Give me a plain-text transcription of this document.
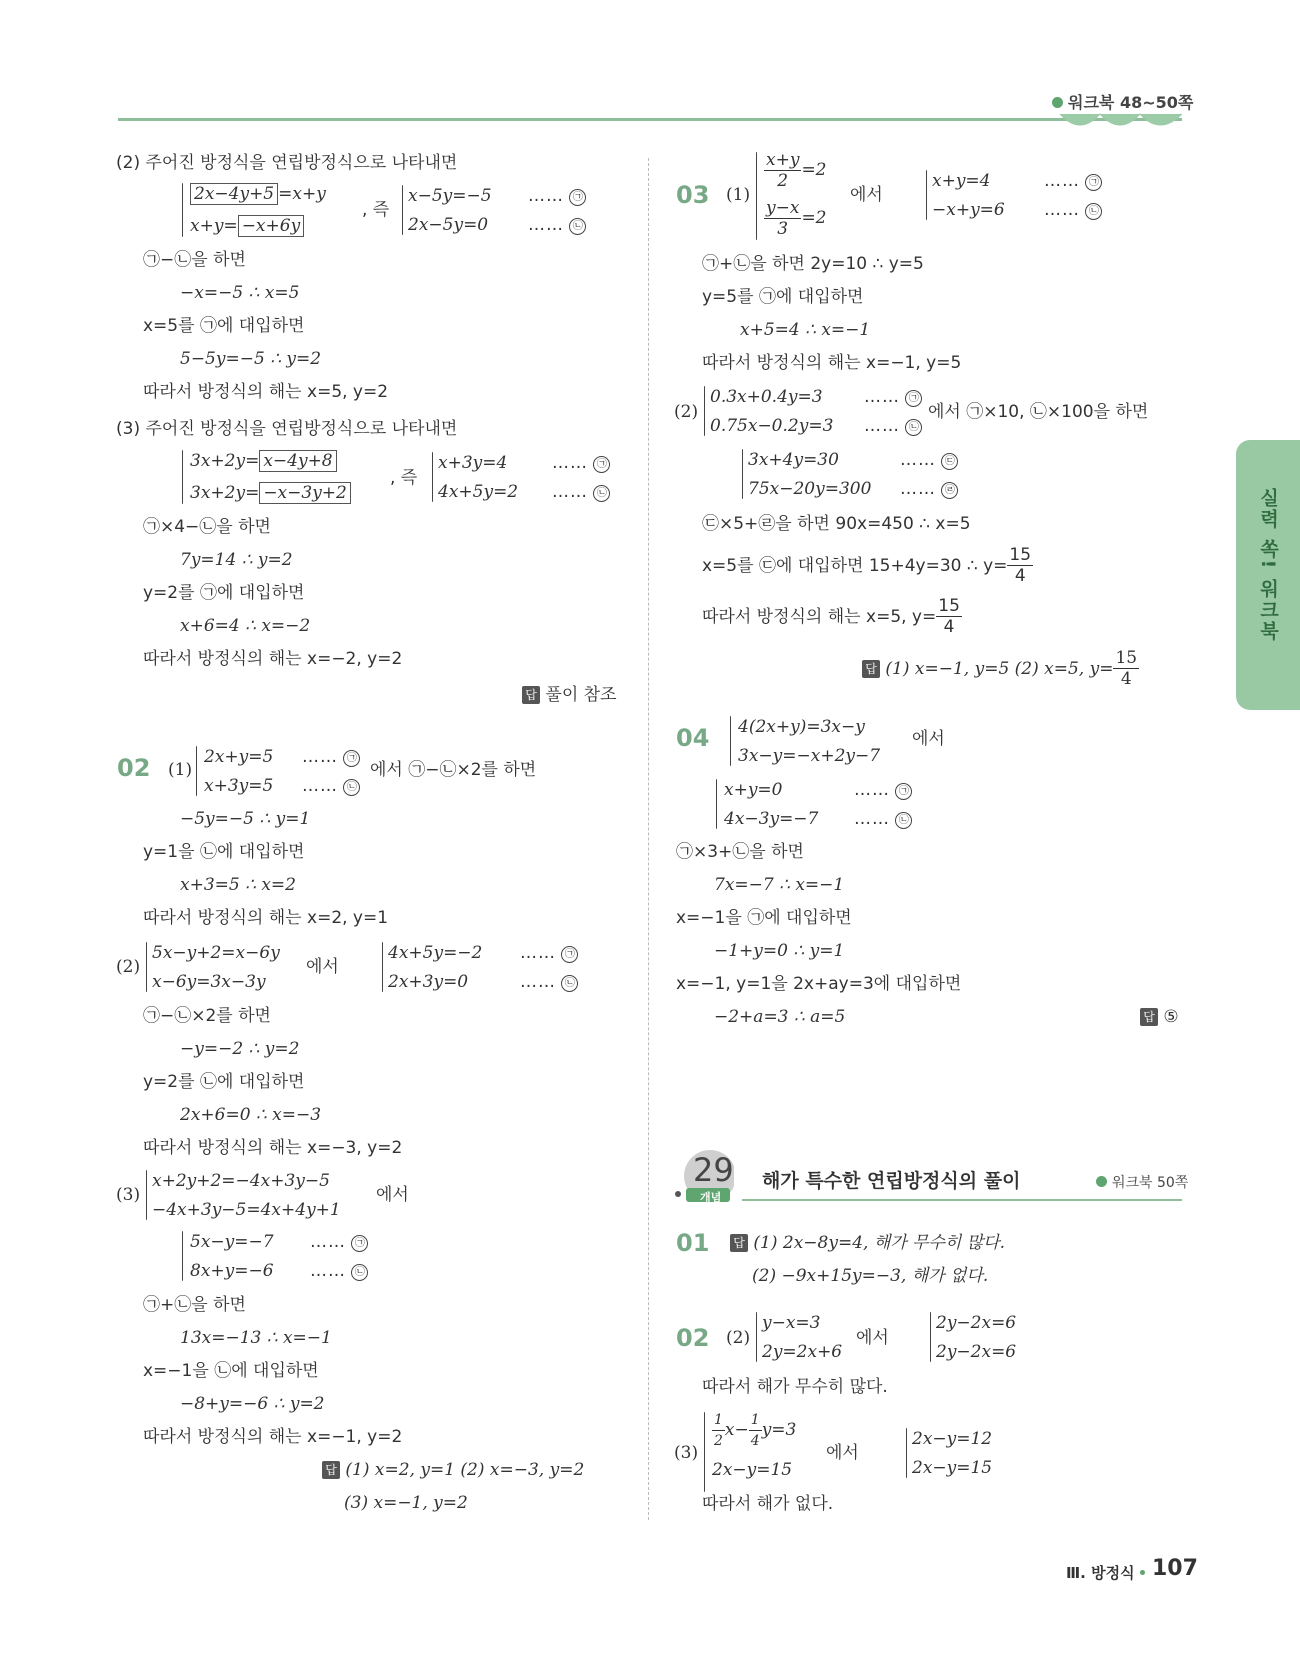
워크북 48~50쪽
실력 쏙! 워크북
(2) 주어진 방정식을 연립방정식으로 나타내면
2x−4y+5 =x+y
x+y= −x+6y
, 즉
x−5y=−5 …… ㉠
2x−5y=0 …… ㉡
㉠−㉡을 하면
−x=−5 ∴ x=5
x=5를 ㉠에 대입하면
5−5y=−5 ∴ y=2
따라서 방정식의 해는 x=5, y=2
(3) 주어진 방정식을 연립방정식으로 나타내면
3x+2y= x−4y+8
3x+2y= −x−3y+2
, 즉
x+3y=4	…… ㉠
4x+5y=2 …… ㉡
㉠×4−㉡을 하면
7y=14 ∴ y=2
y=2를 ㉠에 대입하면
x+6=4 ∴ x=−2
따라서 방정식의 해는 x=−2, y=2
답 풀이 참조
02 (1)
2x+y=5 …… ㉠
x+3y=5 …… ㉡
에서 ㉠−㉡×2를 하면
−5y=−5 ∴ y=1
y=1을 ㉡에 대입하면
x+3=5 ∴ x=2
따라서 방정식의 해는 x=2, y=1
(2)
5x−y+2=x−6y
x−6y=3x−3y
에서
4x+5y=−2 …… ㉠
2x+3y=0	…… ㉡
㉠−㉡×2를 하면
−y=−2 ∴ y=2
y=2를 ㉡에 대입하면
2x+6=0 ∴ x=−3
따라서 방정식의 해는 x=−3, y=2
(3)
x+2y+2=−4x+3y−5
−4x+3y−5=4x+4y+1
에서
5x−y=−7 …… ㉠
8x+y=−6 …… ㉡
㉠+㉡을 하면
13x=−13 ∴ x=−1
x=−1을 ㉡에 대입하면
−8+y=−6 ∴ y=2
따라서 방정식의 해는 x=−1, y=2
답 (1) x=2, y=1 (2) x=−3, y=2
(3) x=−1, y=2
03 (1)
$\frac{x+y}{2} =2$
$\frac{y-x}{3} =2$
에서
x+y=4	…… ㉠
−x+y=6 …… ㉡
㉠+㉡을 하면 2y=10 ∴ y=5
y=5를 ㉠에 대입하면
x+5=4 ∴ x=−1
따라서 방정식의 해는 x=−1, y=5
(2)
0.3x+0.4y=3 …… ㉠
0.75x−0.2y=3 …… ㉡
에서 ㉠×10, ㉡×100을 하면
3x+4y=30	…… ㉢
75x−20y=300 …… ㉣
㉢×5+㉣을 하면 90x=450 ∴ x=5
x=5를 ㉢에 대입하면 15+4y=30 ∴ $y= \frac{15}{4}$
따라서 방정식의 해는 x=5, $y= \frac{15}{4}$
답 (1) x=−1, y=5 (2) x=5, $y= \frac{15}{4}$
04 4(2x+y)=3x−y
3x−y=−x+2y−7
에서
x+y=0	…… ㉠
4x−3y=−7 …… ㉡
㉠×3+㉡을 하면
7x=−7 ∴ x=−1
x=−1을 ㉠에 대입하면
−1+y=0 ∴ y=1
x=−1, y=1을 2x+ay=3에 대입하면
−2+a=3 ∴ a=5	답 ⑤
29
개념
해가 특수한 연립방정식의 풀이	워크북 50쪽
01 답 (1) 2x−8y=4, 해가 무수히 많다.
(2) −9x+15y=−3, 해가 없다.
02 (2)
y−x=3
2y=2x+6
에서
2y−2x=6
2y−2x=6
따라서 해가 무수히 많다.
(3)
$\frac{1}{2} x- \frac{1}{4} y=3$
2x−y=15
에서
2x−y=12
2x−y=15
따라서 해가 없다.
Ⅲ. 방정식 107
